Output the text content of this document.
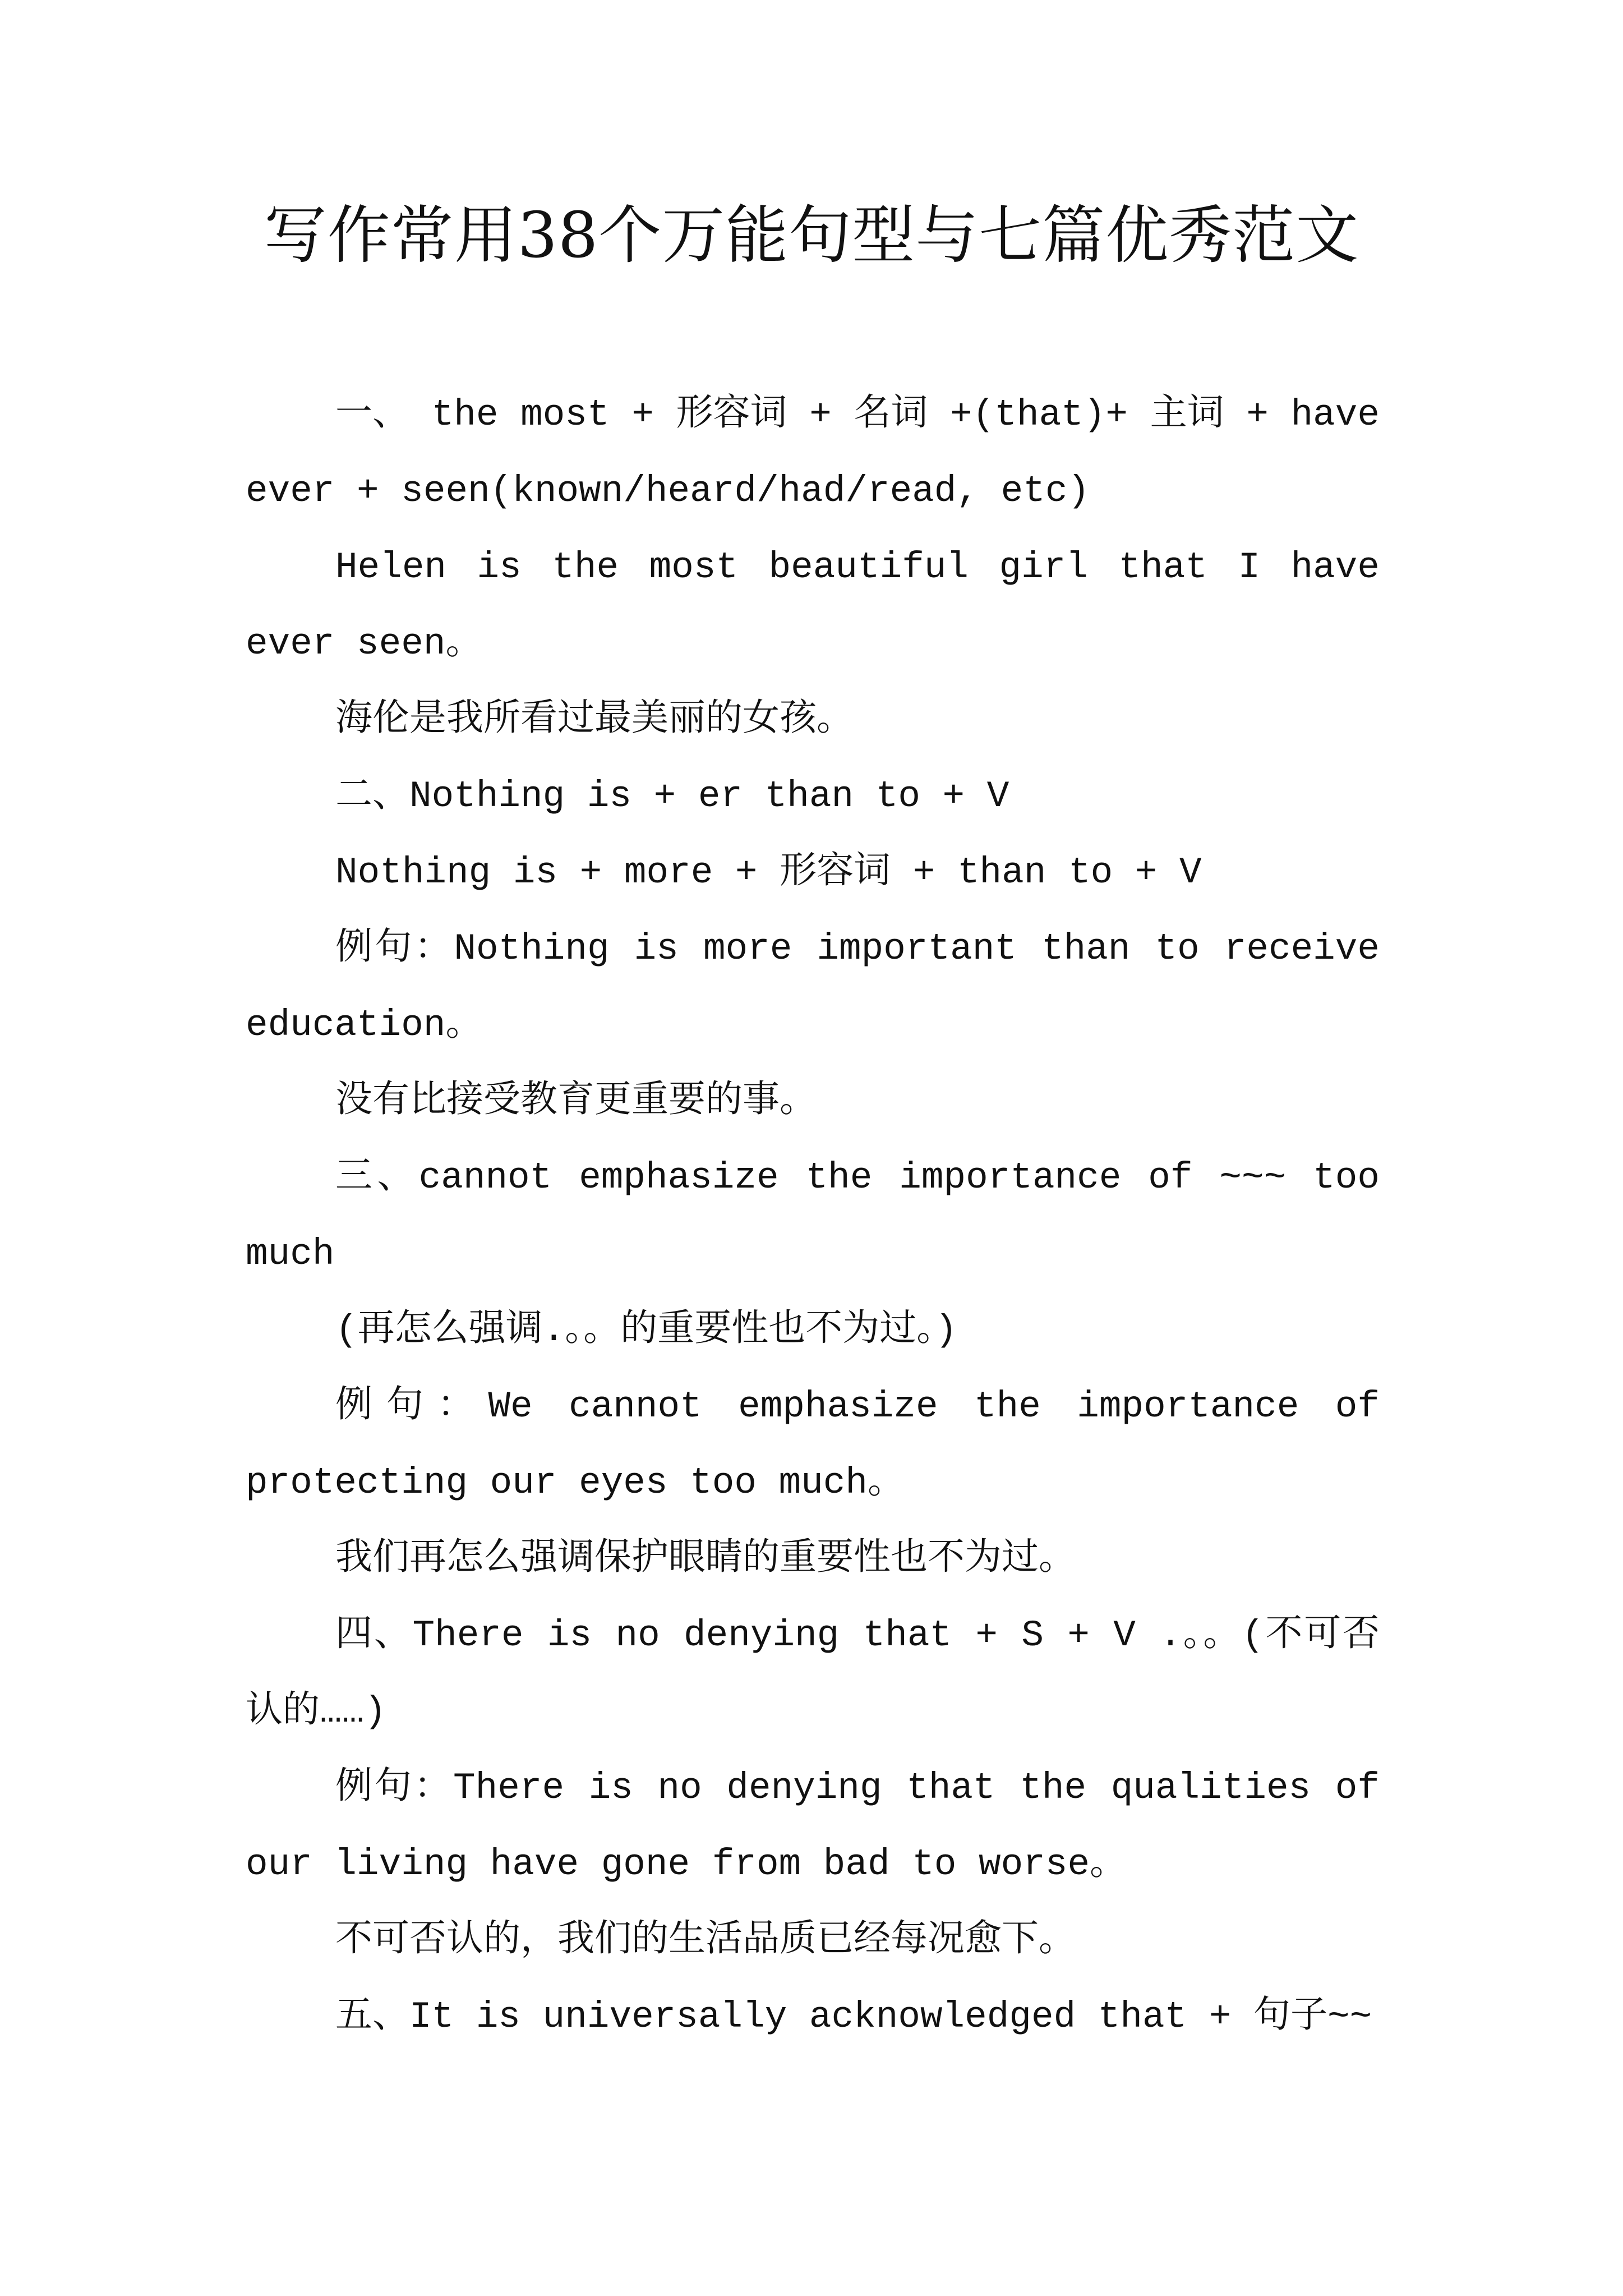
写作常用38个万能句型与七篇优秀范文

一、 the most + 形容词 + 名词 +(that)+ 主词 + have ever + seen(known/heard/had/read, etc)

Helen is the most beautiful girl that I have ever seen。

海伦是我所看过最美丽的女孩。

二、Nothing is + er than to + V

Nothing is + more + 形容词 + than to + V

例句：Nothing is more important than to receive education。

没有比接受教育更重要的事。

三、cannot emphasize the importance of ~~~ too much

(再怎么强调.。。的重要性也不为过。)

例句：We cannot emphasize the importance of protecting our eyes too much。

我们再怎么强调保护眼睛的重要性也不为过。

四、There is no denying that + S + V .。。(不可否认的……)

例句：There is no denying that the qualities of our living have gone from bad to worse。

不可否认的，我们的生活品质已经每况愈下。

五、It is universally acknowledged that + 句子~~
